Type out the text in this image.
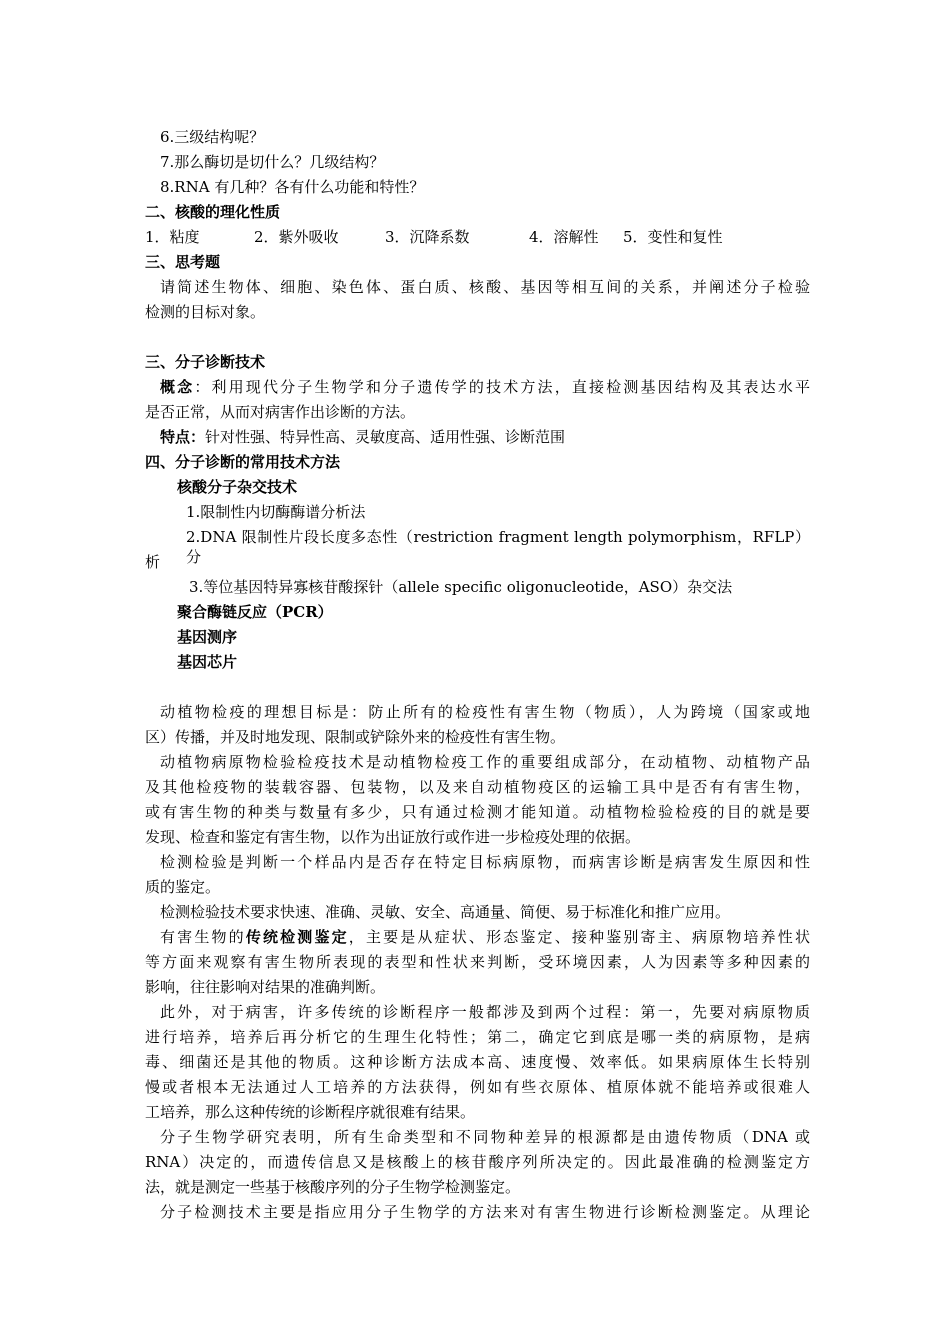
6.三级结构呢？
7.那么酶切是切什么？几级结构？
8.RNA 有几种？各有什么功能和特性？
二、核酸的理化性质
1．粘度	2．紫外吸收	3．沉降系数	4．溶解性 5．变性和复性
三、思考题
请简述生物体、细胞、染色体、蛋白质、核酸、基因等相互间的关系，并阐述分子检验
检测的目标对象。
三、分子诊断技术
概念：利用现代分子生物学和分子遗传学的技术方法，直接检测基因结构及其表达水平
是否正常，从而对病害作出诊断的方法。
特点：针对性强、特异性高、灵敏度高、适用性强、诊断范围
四、分子诊断的常用技术方法
核酸分子杂交技术
1.限制性内切酶酶谱分析法
2.DNA 限制性片段长度多态性（restriction fragment length polymorphism，RFLP）分
析
3.等位基因特异寡核苷酸探针（allele specific oligonucleotide，ASO）杂交法
聚合酶链反应（PCR）
基因测序
基因芯片
动植物检疫的理想目标是：防止所有的检疫性有害生物（物质），人为跨境（国家或地
区）传播，并及时地发现、限制或铲除外来的检疫性有害生物。
动植物病原物检验检疫技术是动植物检疫工作的重要组成部分，在动植物、动植物产品
及其他检疫物的装载容器、包装物，以及来自动植物疫区的运输工具中是否有有害生物，
或有害生物的种类与数量有多少，只有通过检测才能知道。动植物检验检疫的目的就是要
发现、检查和鉴定有害生物，以作为出证放行或作进一步检疫处理的依据。
检测检验是判断一个样品内是否存在特定目标病原物，而病害诊断是病害发生原因和性
质的鉴定。
检测检验技术要求快速、准确、灵敏、安全、高通量、简便、易于标准化和推广应用。
有害生物的传统检测鉴定，主要是从症状、形态鉴定、接种鉴别寄主、病原物培养性状
等方面来观察有害生物所表现的表型和性状来判断，受环境因素，人为因素等多种因素的
影响，往往影响对结果的准确判断。
此外，对于病害，许多传统的诊断程序一般都涉及到两个过程：第一，先要对病原物质
进行培养，培养后再分析它的生理生化特性；第二，确定它到底是哪一类的病原物，是病
毒、细菌还是其他的物质。这种诊断方法成本高、速度慢、效率低。如果病原体生长特别
慢或者根本无法通过人工培养的方法获得，例如有些衣原体、植原体就不能培养或很难人
工培养，那么这种传统的诊断程序就很难有结果。
分子生物学研究表明，所有生命类型和不同物种差异的根源都是由遗传物质（DNA 或
RNA）决定的，而遗传信息又是核酸上的核苷酸序列所决定的。因此最准确的检测鉴定方
法，就是测定一些基于核酸序列的分子生物学检测鉴定。
分子检测技术主要是指应用分子生物学的方法来对有害生物进行诊断检测鉴定。从理论
